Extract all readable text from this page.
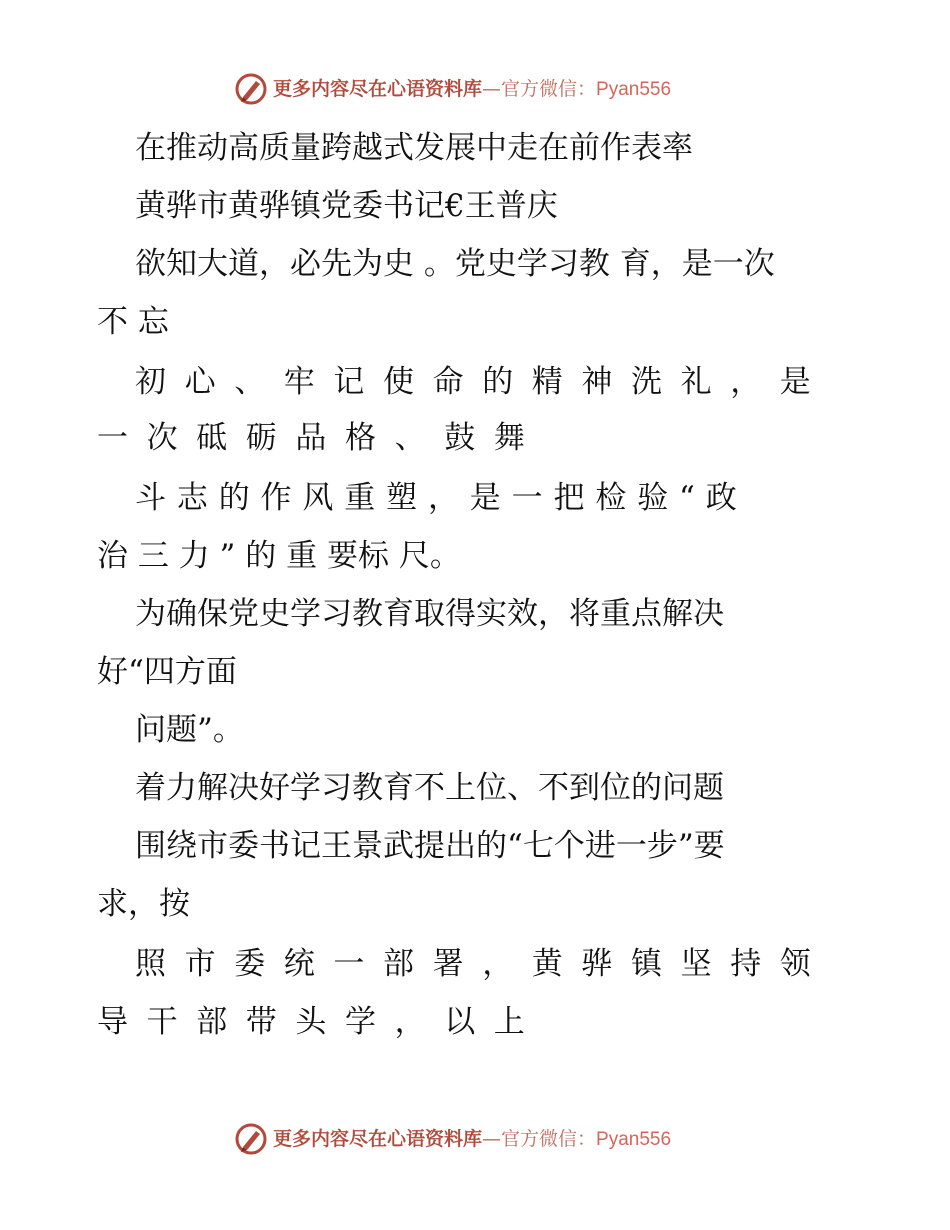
更多内容尽在心语资料库—官方微信：Pyan556
在推动高质量跨越式发展中走在前作表率
黄骅市黄骅镇党委书记€王普庆
欲知大道，必先为史 。党史学习教 育，是一次
不 忘
初心、牢记使命的精神洗礼，是
一次砥砺品格、鼓舞
斗志的作风重塑，是一把检验“政
治 三 力 ” 的 重 要标 尺。
为确保党史学习教育取得实效，将重点解决
好“四方面
问题”。
着力解决好学习教育不上位、不到位的问题
围绕市委书记王景武提出的“七个进一步”要
求，按
照市委统一部署，黄骅镇坚持领
导干部带头学，以上
更多内容尽在心语资料库—官方微信：Pyan556
